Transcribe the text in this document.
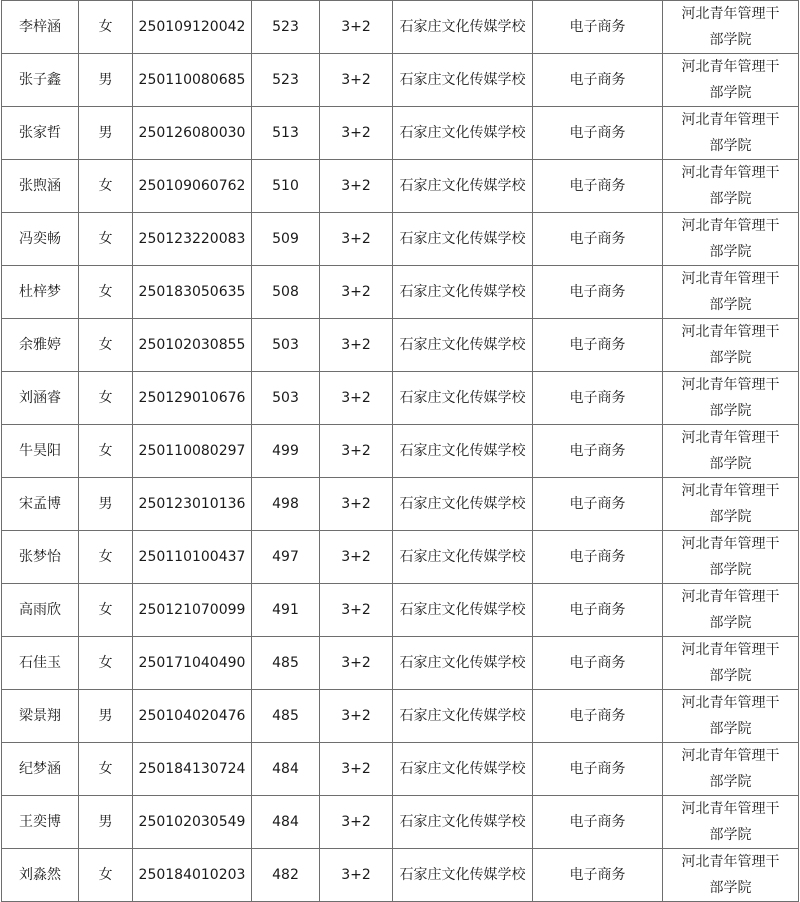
李梓涵	女	250109120042	523	3+2	石家庄文化传媒学校	电子商务	河北青年管理干部学院

张子鑫	男	250110080685	523	3+2	石家庄文化传媒学校	电子商务	河北青年管理干部学院

张家哲	男	250126080030	513	3+2	石家庄文化传媒学校	电子商务	河北青年管理干部学院

张煦涵	女	250109060762	510	3+2	石家庄文化传媒学校	电子商务	河北青年管理干部学院

冯奕畅	女	250123220083	509	3+2	石家庄文化传媒学校	电子商务	河北青年管理干部学院

杜梓梦	女	250183050635	508	3+2	石家庄文化传媒学校	电子商务	河北青年管理干部学院

余雅婷	女	250102030855	503	3+2	石家庄文化传媒学校	电子商务	河北青年管理干部学院

刘涵睿	女	250129010676	503	3+2	石家庄文化传媒学校	电子商务	河北青年管理干部学院

牛昊阳	女	250110080297	499	3+2	石家庄文化传媒学校	电子商务	河北青年管理干部学院

宋孟博	男	250123010136	498	3+2	石家庄文化传媒学校	电子商务	河北青年管理干部学院

张梦怡	女	250110100437	497	3+2	石家庄文化传媒学校	电子商务	河北青年管理干部学院

高雨欣	女	250121070099	491	3+2	石家庄文化传媒学校	电子商务	河北青年管理干部学院

石佳玉	女	250171040490	485	3+2	石家庄文化传媒学校	电子商务	河北青年管理干部学院

梁景翔	男	250104020476	485	3+2	石家庄文化传媒学校	电子商务	河北青年管理干部学院

纪梦涵	女	250184130724	484	3+2	石家庄文化传媒学校	电子商务	河北青年管理干部学院

王奕博	男	250102030549	484	3+2	石家庄文化传媒学校	电子商务	河北青年管理干部学院

刘淼然	女	250184010203	482	3+2	石家庄文化传媒学校	电子商务	河北青年管理干部学院
